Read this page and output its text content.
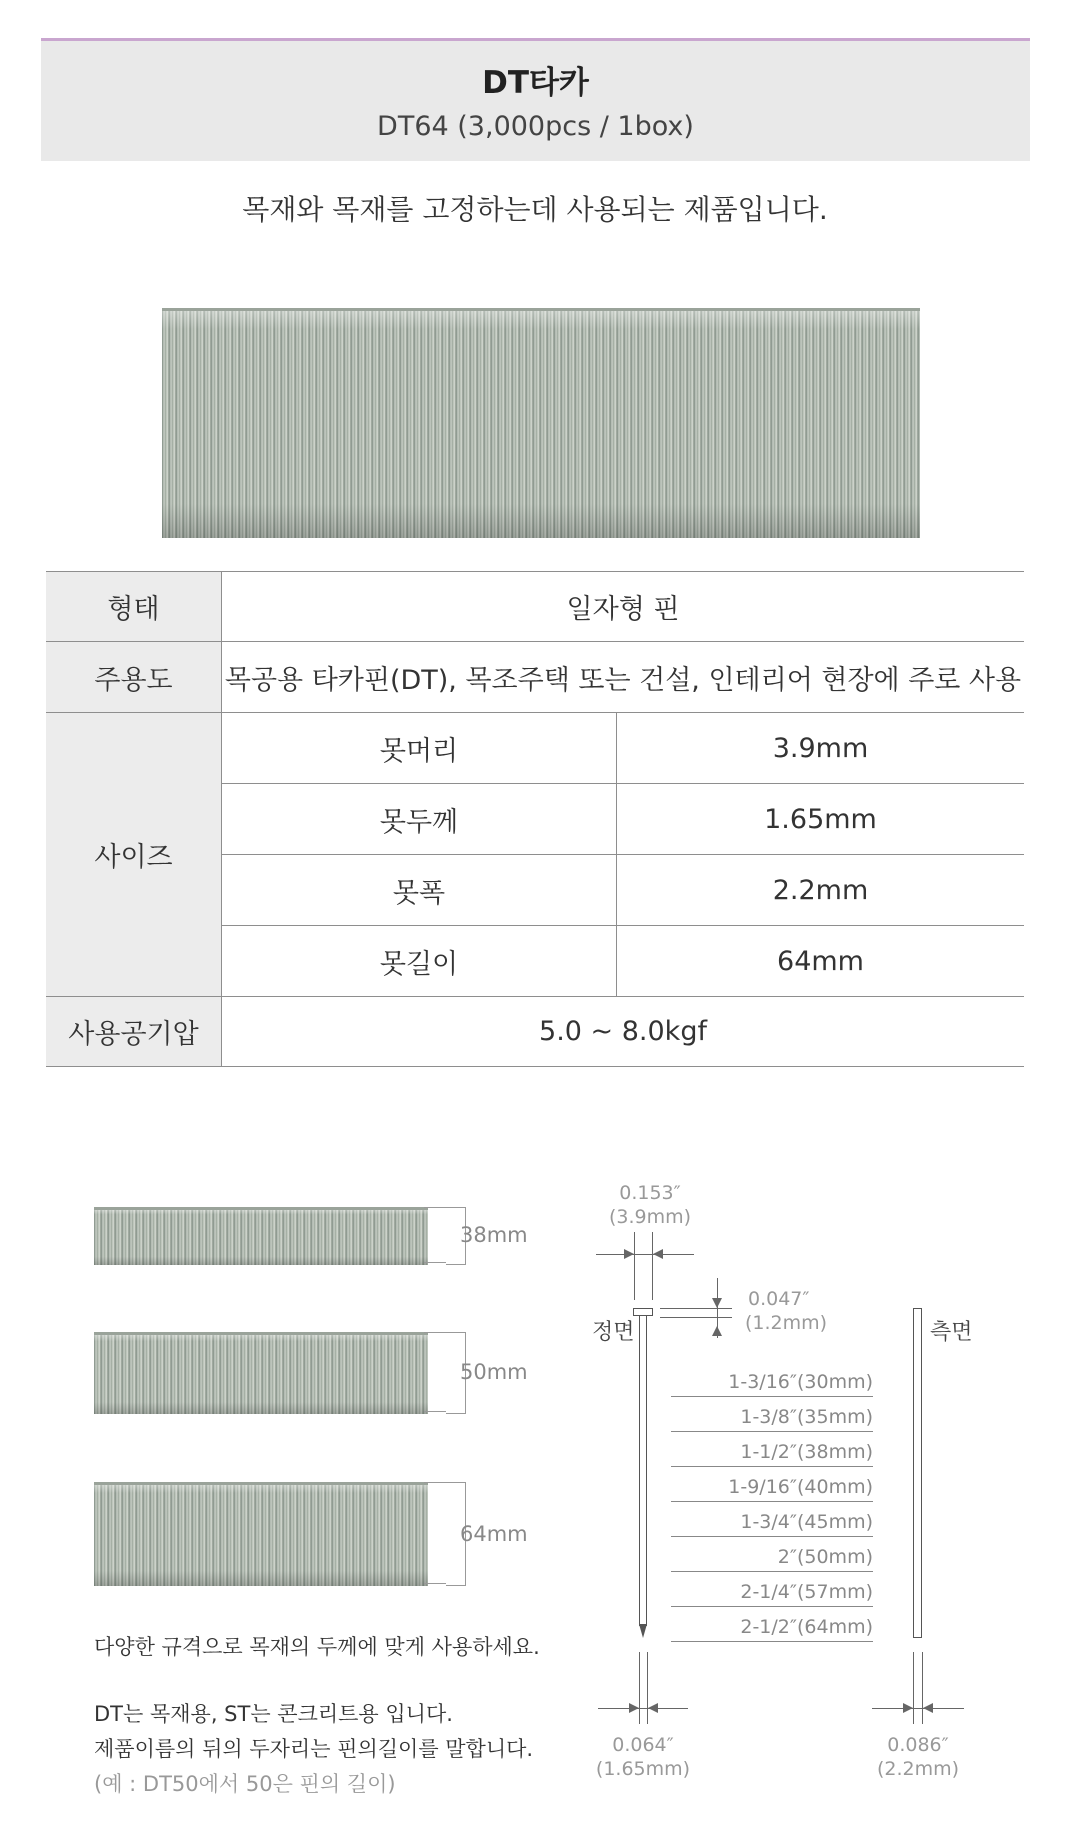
DT타카
DT64 (3,000pcs / 1box)
목재와 목재를 고정하는데 사용되는 제품입니다.
형태	일자형 핀	
주용도	목공용 타카핀(DT), 목조주택 또는 건설, 인테리어 현장에 주로 사용	
사이즈	못머리	3.9mm
	못두께	1.65mm
	못폭	2.2mm
	못길이	64mm
사용공기압	5.0 ~ 8.0kgf	
38mm
50mm
64mm
다양한 규격으로 목재의 두께에 맞게 사용하세요.
DT는 목재용, ST는 콘크리트용 입니다.
제품이름의 뒤의 두자리는 핀의길이를 말합니다.
(예 : DT50에서 50은 핀의 길이)
0.153″
(3.9mm)
0.047″
(1.2mm)
정면	측면
1-3/16″(30mm)
1-3/8″(35mm)
1-1/2″(38mm)
1-9/16″(40mm)
1-3/4″(45mm)
2″(50mm)
2-1/4″(57mm)
2-1/2″(64mm)
0.064″
(1.65mm)
0.086″
(2.2mm)
